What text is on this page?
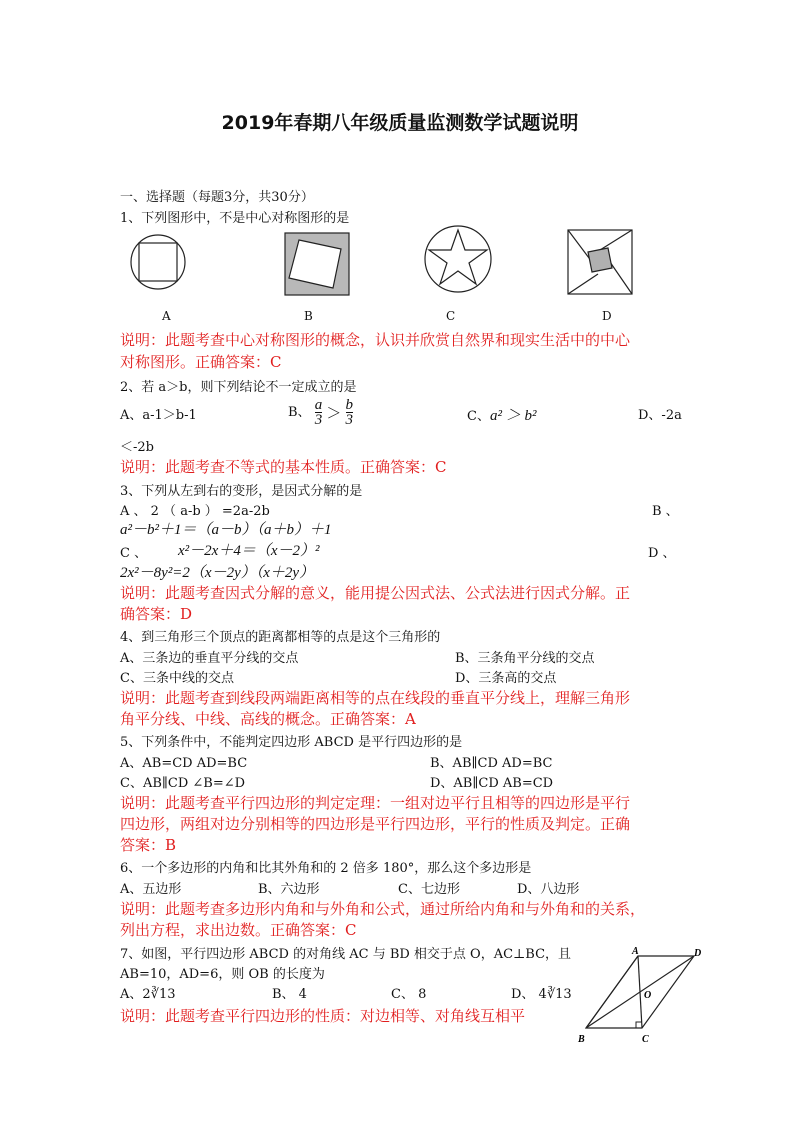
2019年春期八年级质量监测数学试题说明
一、选择题（每题3分，共30分）
1、下列图形中，不是中心对称图形的是
A	B	C	D
说明：此题考查中心对称图形的概念，认识并欣赏自然界和现实生活中的中心
对称图形。正确答案：C
2、若 a＞b，则下列结论不一定成立的是
A、a-1＞b-1	B、 $\frac{a}{3} > \frac{b}{3}$	C、a² ＞ b²	D、-2a
＜-2b
说明：此题考查不等式的基本性质。正确答案：C
3、下列从左到右的变形，是因式分解的是
A 、 2 （ a-b ） =2a-2b	B 、
a²－b²＋1＝（a－b）（a＋b）＋1
C 、 x²－2x＋4＝（x－2）²	D 、
2x²－8y²=2（x－2y）（x＋2y）
说明：此题考查因式分解的意义，能用提公因式法、公式法进行因式分解。正
确答案：D
4、到三角形三个顶点的距离都相等的点是这个三角形的
A、三条边的垂直平分线的交点	B、三条角平分线的交点
C、三条中线的交点	D、三条高的交点
说明：此题考查到线段两端距离相等的点在线段的垂直平分线上，理解三角形
角平分线、中线、高线的概念。正确答案：A
5、下列条件中，不能判定四边形 ABCD 是平行四边形的是
A、AB=CD AD=BC	B、AB∥CD AD=BC
C、AB∥CD ∠B=∠D	D、AB∥CD AB=CD
说明：此题考查平行四边形的判定定理：一组对边平行且相等的四边形是平行
四边形，两组对边分别相等的四边形是平行四边形，平行的性质及判定。正确
答案：B
6、一个多边形的内角和比其外角和的 2 倍多 180°，那么这个多边形是
A、五边形	B、六边形	C、七边形	D、八边形
说明：此题考查多边形内角和与外角和公式，通过所给内角和与外角和的关系，
列出方程，求出边数。正确答案：C
7、如图，平行四边形 ABCD 的对角线 AC 与 BD 相交于点 O，AC⊥BC，且
AB=10，AD=6，则 OB 的长度为
A、2∛13	B、 4	C、 8	D、 4∛13
说明：此题考查平行四边形的性质：对边相等、对角线互相平
A	D
O
B	C
